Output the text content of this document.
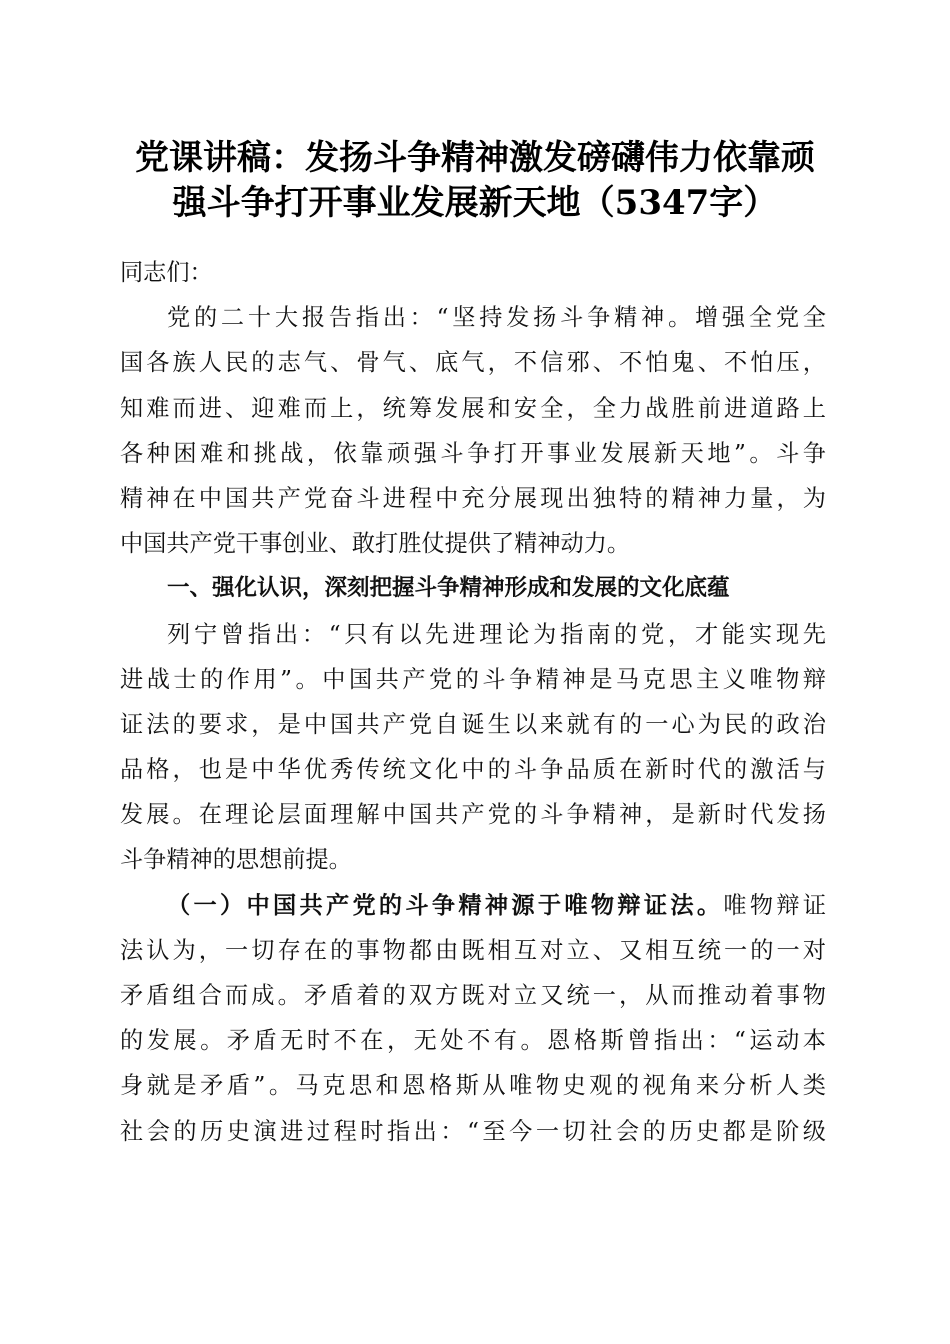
党课讲稿：发扬斗争精神激发磅礴伟力依靠顽
强斗争打开事业发展新天地（5347字）
同志们：
党的二十大报告指出：“坚持发扬斗争精神。增强全党全
国各族人民的志气、骨气、底气，不信邪、不怕鬼、不怕压，
知难而进、迎难而上，统筹发展和安全，全力战胜前进道路上
各种困难和挑战，依靠顽强斗争打开事业发展新天地”。斗争
精神在中国共产党奋斗进程中充分展现出独特的精神力量，为
中国共产党干事创业、敢打胜仗提供了精神动力。
一、强化认识，深刻把握斗争精神形成和发展的文化底蕴
列宁曾指出：“只有以先进理论为指南的党，才能实现先
进战士的作用”。中国共产党的斗争精神是马克思主义唯物辩
证法的要求，是中国共产党自诞生以来就有的一心为民的政治
品格，也是中华优秀传统文化中的斗争品质在新时代的激活与
发展。在理论层面理解中国共产党的斗争精神，是新时代发扬
斗争精神的思想前提。
（一）中国共产党的斗争精神源于唯物辩证法。唯物辩证
法认为，一切存在的事物都由既相互对立、又相互统一的一对
矛盾组合而成。矛盾着的双方既对立又统一，从而推动着事物
的发展。矛盾无时不在，无处不有。恩格斯曾指出：“运动本
身就是矛盾”。马克思和恩格斯从唯物史观的视角来分析人类
社会的历史演进过程时指出：“至今一切社会的历史都是阶级
